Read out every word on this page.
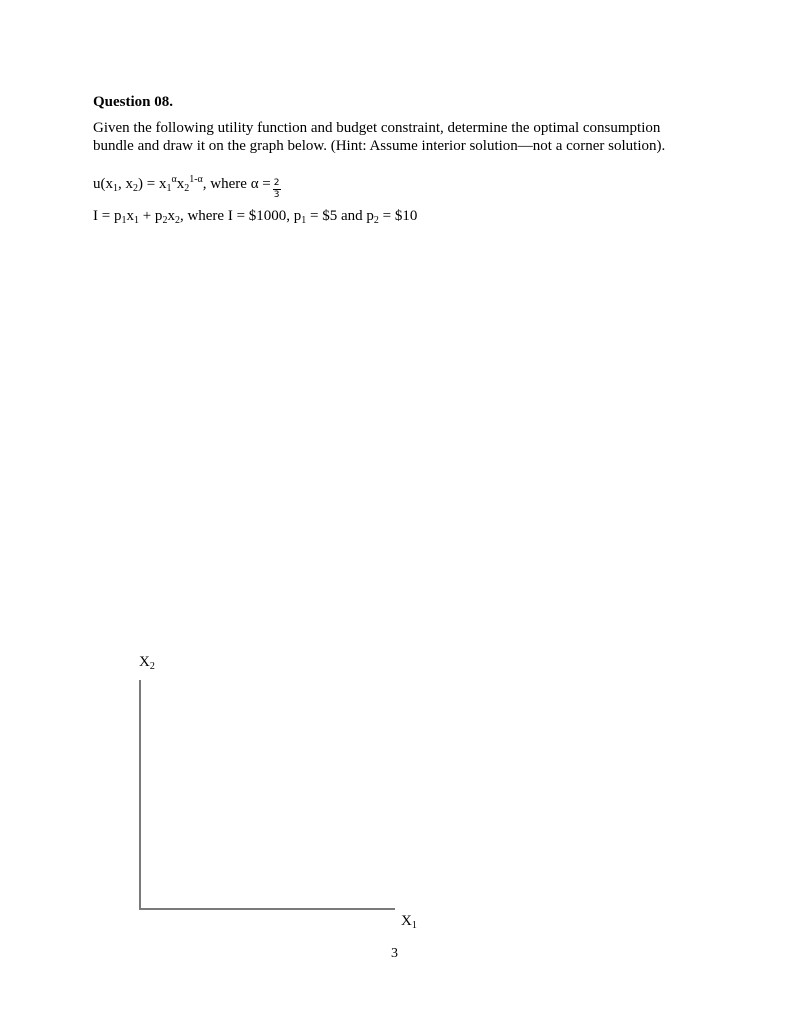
Question 08.

Given the following utility function and budget constraint, determine the optimal consumption bundle and draw it on the graph below. (Hint: Assume interior solution—not a corner solution).

$u(x_1$, $x_2) = x_1^\alpha x_2^{1-\alpha}$, where $\alpha = \frac{2}{3}$

$I = p_1x_1 + p_2x_2$, where I = $1000, $p_1$ = $5 and $p_2$ = $10

$X_2$

$X_1$

3
